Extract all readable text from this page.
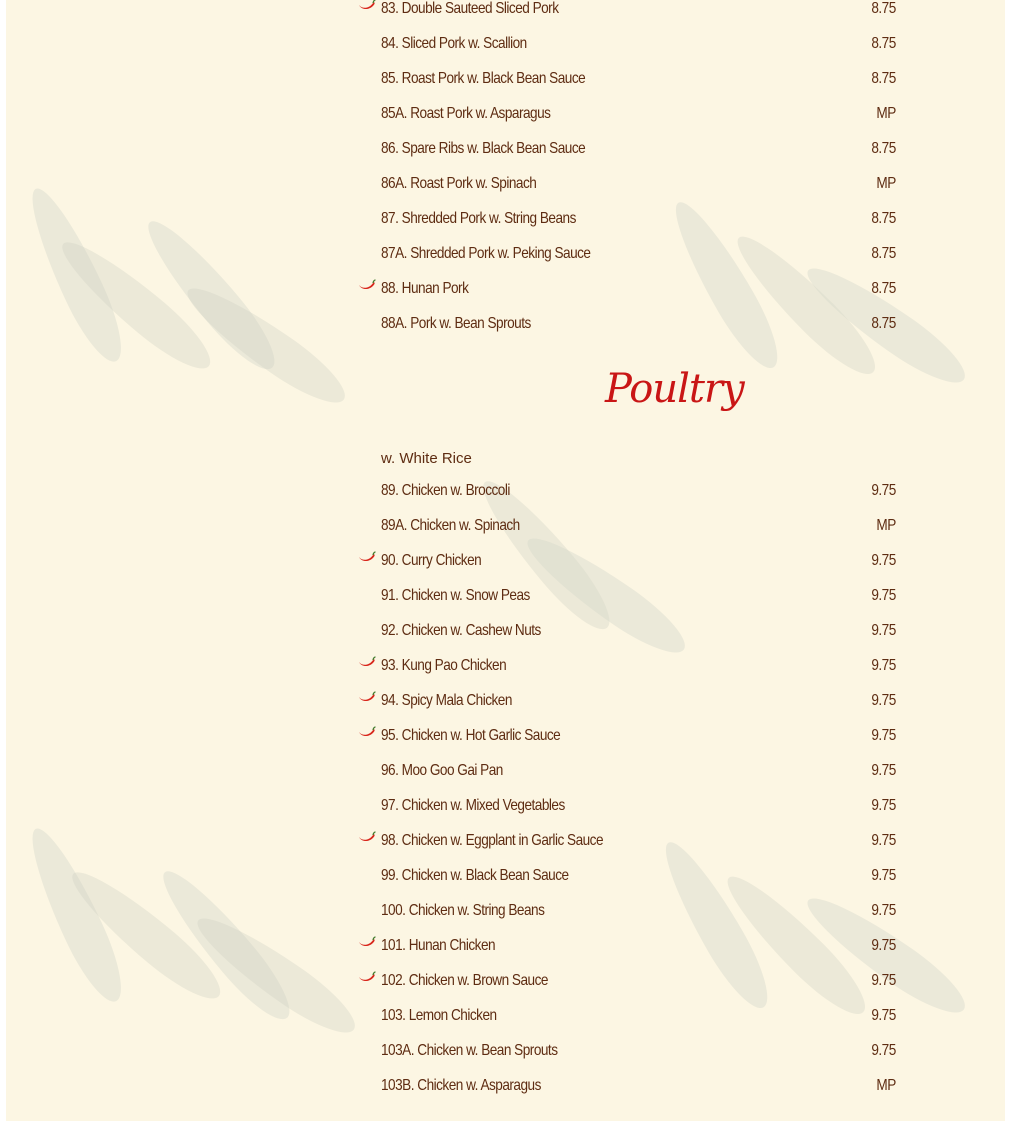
83. Double Sauteed Sliced Pork	8.75
84. Sliced Pork w. Scallion	8.75
85. Roast Pork w. Black Bean Sauce	8.75
85A. Roast Pork w. Asparagus	MP
86. Spare Ribs w. Black Bean Sauce	8.75
86A. Roast Pork w. Spinach	MP
87. Shredded Pork w. String Beans	8.75
87A. Shredded Pork w. Peking Sauce	8.75
88. Hunan Pork	8.75
88A. Pork w. Bean Sprouts	8.75
Poultry
w. White Rice
89. Chicken w. Broccoli	9.75
89A. Chicken w. Spinach	MP
90. Curry Chicken	9.75
91. Chicken w. Snow Peas	9.75
92. Chicken w. Cashew Nuts	9.75
93. Kung Pao Chicken	9.75
94. Spicy Mala Chicken	9.75
95. Chicken w. Hot Garlic Sauce	9.75
96. Moo Goo Gai Pan	9.75
97. Chicken w. Mixed Vegetables	9.75
98. Chicken w. Eggplant in Garlic Sauce	9.75
99. Chicken w. Black Bean Sauce	9.75
100. Chicken w. String Beans	9.75
101. Hunan Chicken	9.75
102. Chicken w. Brown Sauce	9.75
103. Lemon Chicken	9.75
103A. Chicken w. Bean Sprouts	9.75
103B. Chicken w. Asparagus	MP
